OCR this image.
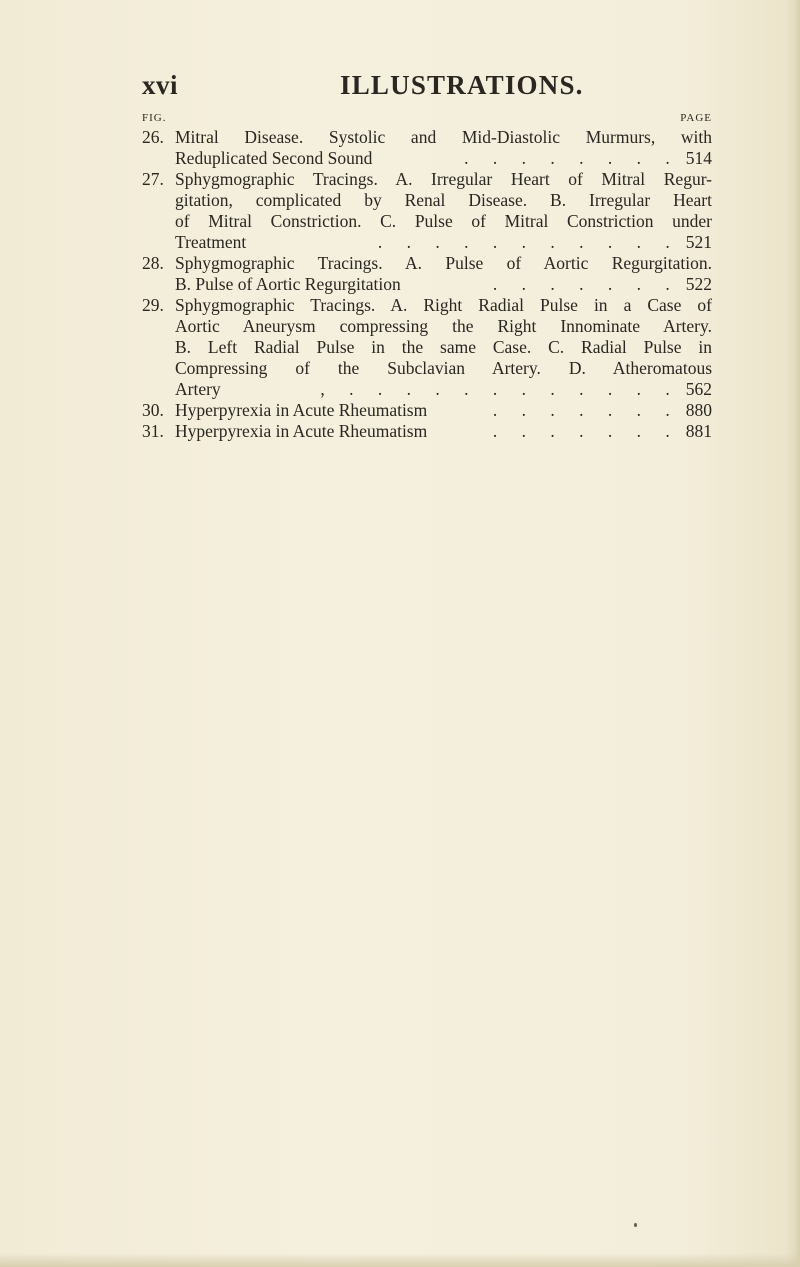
xvi	ILLUSTRATIONS.
FIG.	PAGE
26. Mitral Disease. Systolic and Mid-Diastolic Murmurs, with
Reduplicated Second Sound	. . . . . . . . 514
27. Sphygmographic Tracings. A. Irregular Heart of Mitral Regur-
gitation, complicated by Renal Disease. B. Irregular Heart
of Mitral Constriction. C. Pulse of Mitral Constriction under
Treatment	. . . . . . . . . . . 521
28. Sphygmographic Tracings. A. Pulse of Aortic Regurgitation.
B. Pulse of Aortic Regurgitation	. . . . . . . 522
29. Sphygmographic Tracings. A. Right Radial Pulse in a Case of
Aortic Aneurysm compressing the Right Innominate Artery.
B. Left Radial Pulse in the same Case. C. Radial Pulse in
Compressing of the Subclavian Artery. D. Atheromatous
Artery	, . . . . . . . . . . . . 562
30. Hyperpyrexia in Acute Rheumatism	. . . . . . . 880
31. Hyperpyrexia in Acute Rheumatism	. . . . . . . 881
